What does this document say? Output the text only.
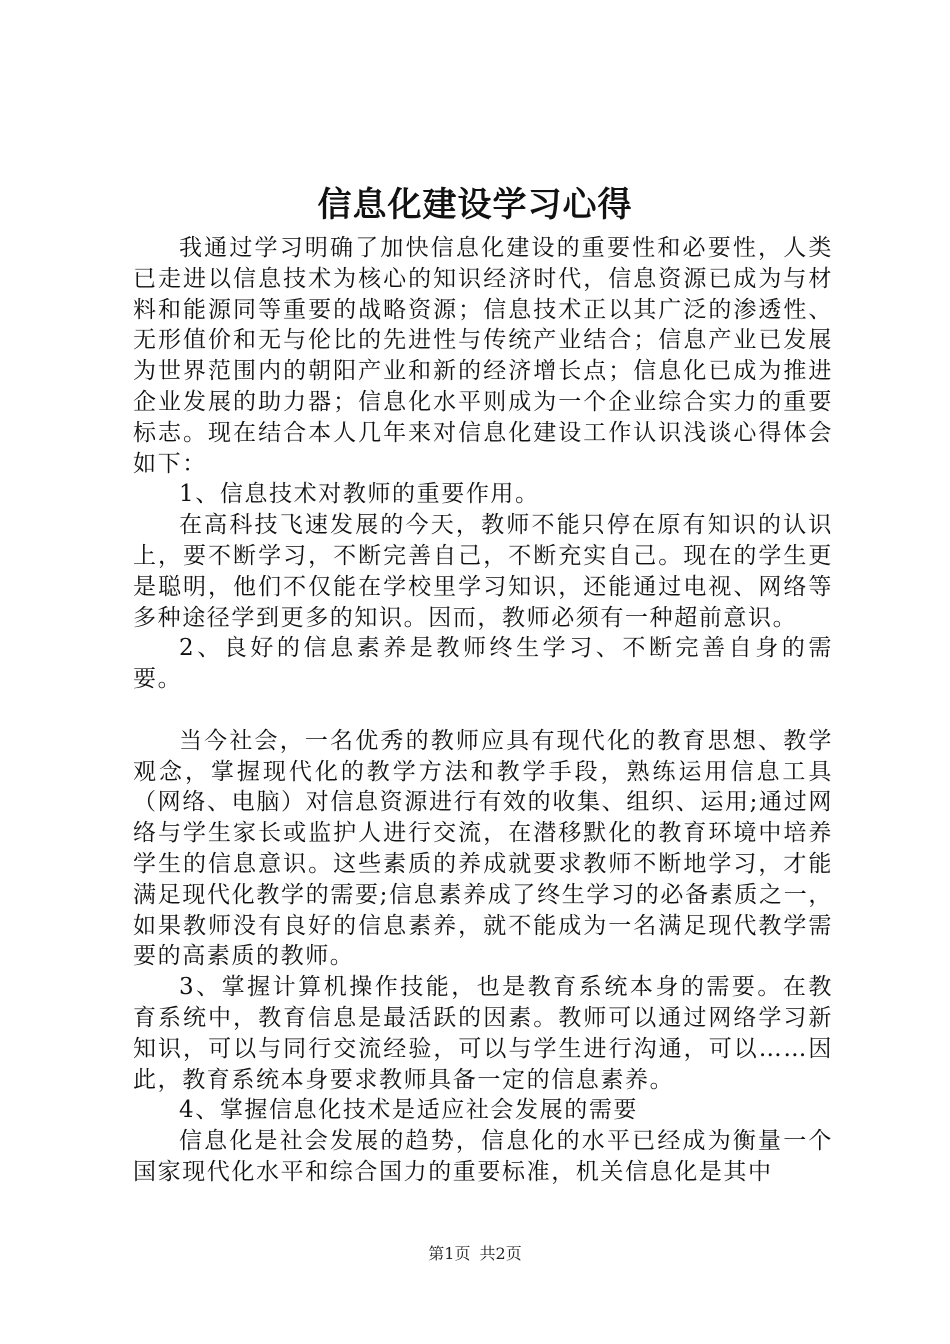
信息化建设学习心得

我通过学习明确了加快信息化建设的重要性和必要性，人类已走进以信息技术为核心的知识经济时代，信息资源已成为与材料和能源同等重要的战略资源；信息技术正以其广泛的渗透性、无形值价和无与伦比的先进性与传统产业结合；信息产业已发展为世界范围内的朝阳产业和新的经济增长点；信息化已成为推进企业发展的助力器；信息化水平则成为一个企业综合实力的重要标志。现在结合本人几年来对信息化建设工作认识浅谈心得体会如下：

1、信息技术对教师的重要作用。

在高科技飞速发展的今天，教师不能只停在原有知识的认识上，要不断学习，不断完善自己，不断充实自己。现在的学生更是聪明，他们不仅能在学校里学习知识，还能通过电视、网络等多种途径学到更多的知识。因而，教师必须有一种超前意识。

2、良好的信息素养是教师终生学习、不断完善自身的需要。

当今社会，一名优秀的教师应具有现代化的教育思想、教学观念，掌握现代化的教学方法和教学手段，熟练运用信息工具（网络、电脑）对信息资源进行有效的收集、组织、运用;通过网络与学生家长或监护人进行交流，在潜移默化的教育环境中培养学生的信息意识。这些素质的养成就要求教师不断地学习，才能满足现代化教学的需要;信息素养成了终生学习的必备素质之一，如果教师没有良好的信息素养，就不能成为一名满足现代教学需要的高素质的教师。

3、掌握计算机操作技能，也是教育系统本身的需要。在教育系统中，教育信息是最活跃的因素。教师可以通过网络学习新知识，可以与同行交流经验，可以与学生进行沟通，可以……因此，教育系统本身要求教师具备一定的信息素养。

4、掌握信息化技术是适应社会发展的需要

信息化是社会发展的趋势，信息化的水平已经成为衡量一个国家现代化水平和综合国力的重要标准，机关信息化是其中

第1页 共2页
